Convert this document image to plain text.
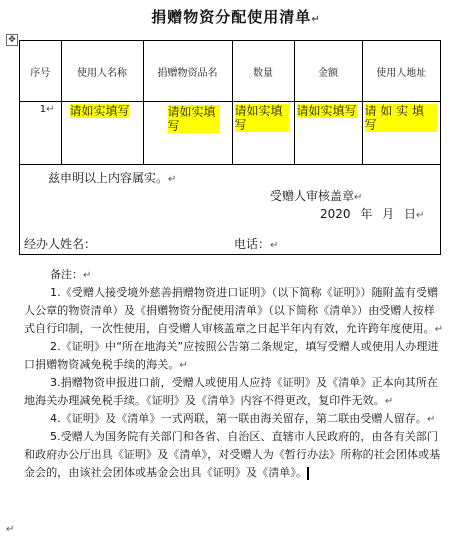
捐赠物资分配使用清单↵
✥
序号	使用人名称	捐赠物资品名	数量	金额	使用人地址
1↵	请如实填写	请如实填写	请如实填写	请如实填写	请 如 实 填 写
兹申明以上内容属实。↵
受赠人审核盖章↵
2020 年 月 日↵
经办人姓名：	电话：↵
备注：↵
1.《受赠人接受境外慈善捐赠物资进口证明》（以下简称《证明》）随附盖有受赠人公章的物资清单）及《捐赠物资分配使用清单》（以下简称《清单》）由受赠人按样式自行印制，一次性使用，自受赠人审核盖章之日起半年内有效，允许跨年度使用。↵
2.《证明》中“所在地海关”应按照公告第二条规定，填写受赠人或使用人办理进口捐赠物资减免税手续的海关。↵
3.捐赠物资申报进口前，受赠人或使用人应持《证明》及《清单》正本向其所在地海关办理减免税手续。《证明》及《清单》内容不得更改，复印件无效。↵
4.《证明》及《清单》一式两联，第一联由海关留存，第二联由受赠人留存。↵
5.受赠人为国务院有关部门和各省、自治区、直辖市人民政府的，由各有关部门和政府办公厅出具《证明》及《清单》，对受赠人为《暂行办法》所称的社会团体或基金会的，由该社会团体或基金会出具《证明》及《清单》。
↵
